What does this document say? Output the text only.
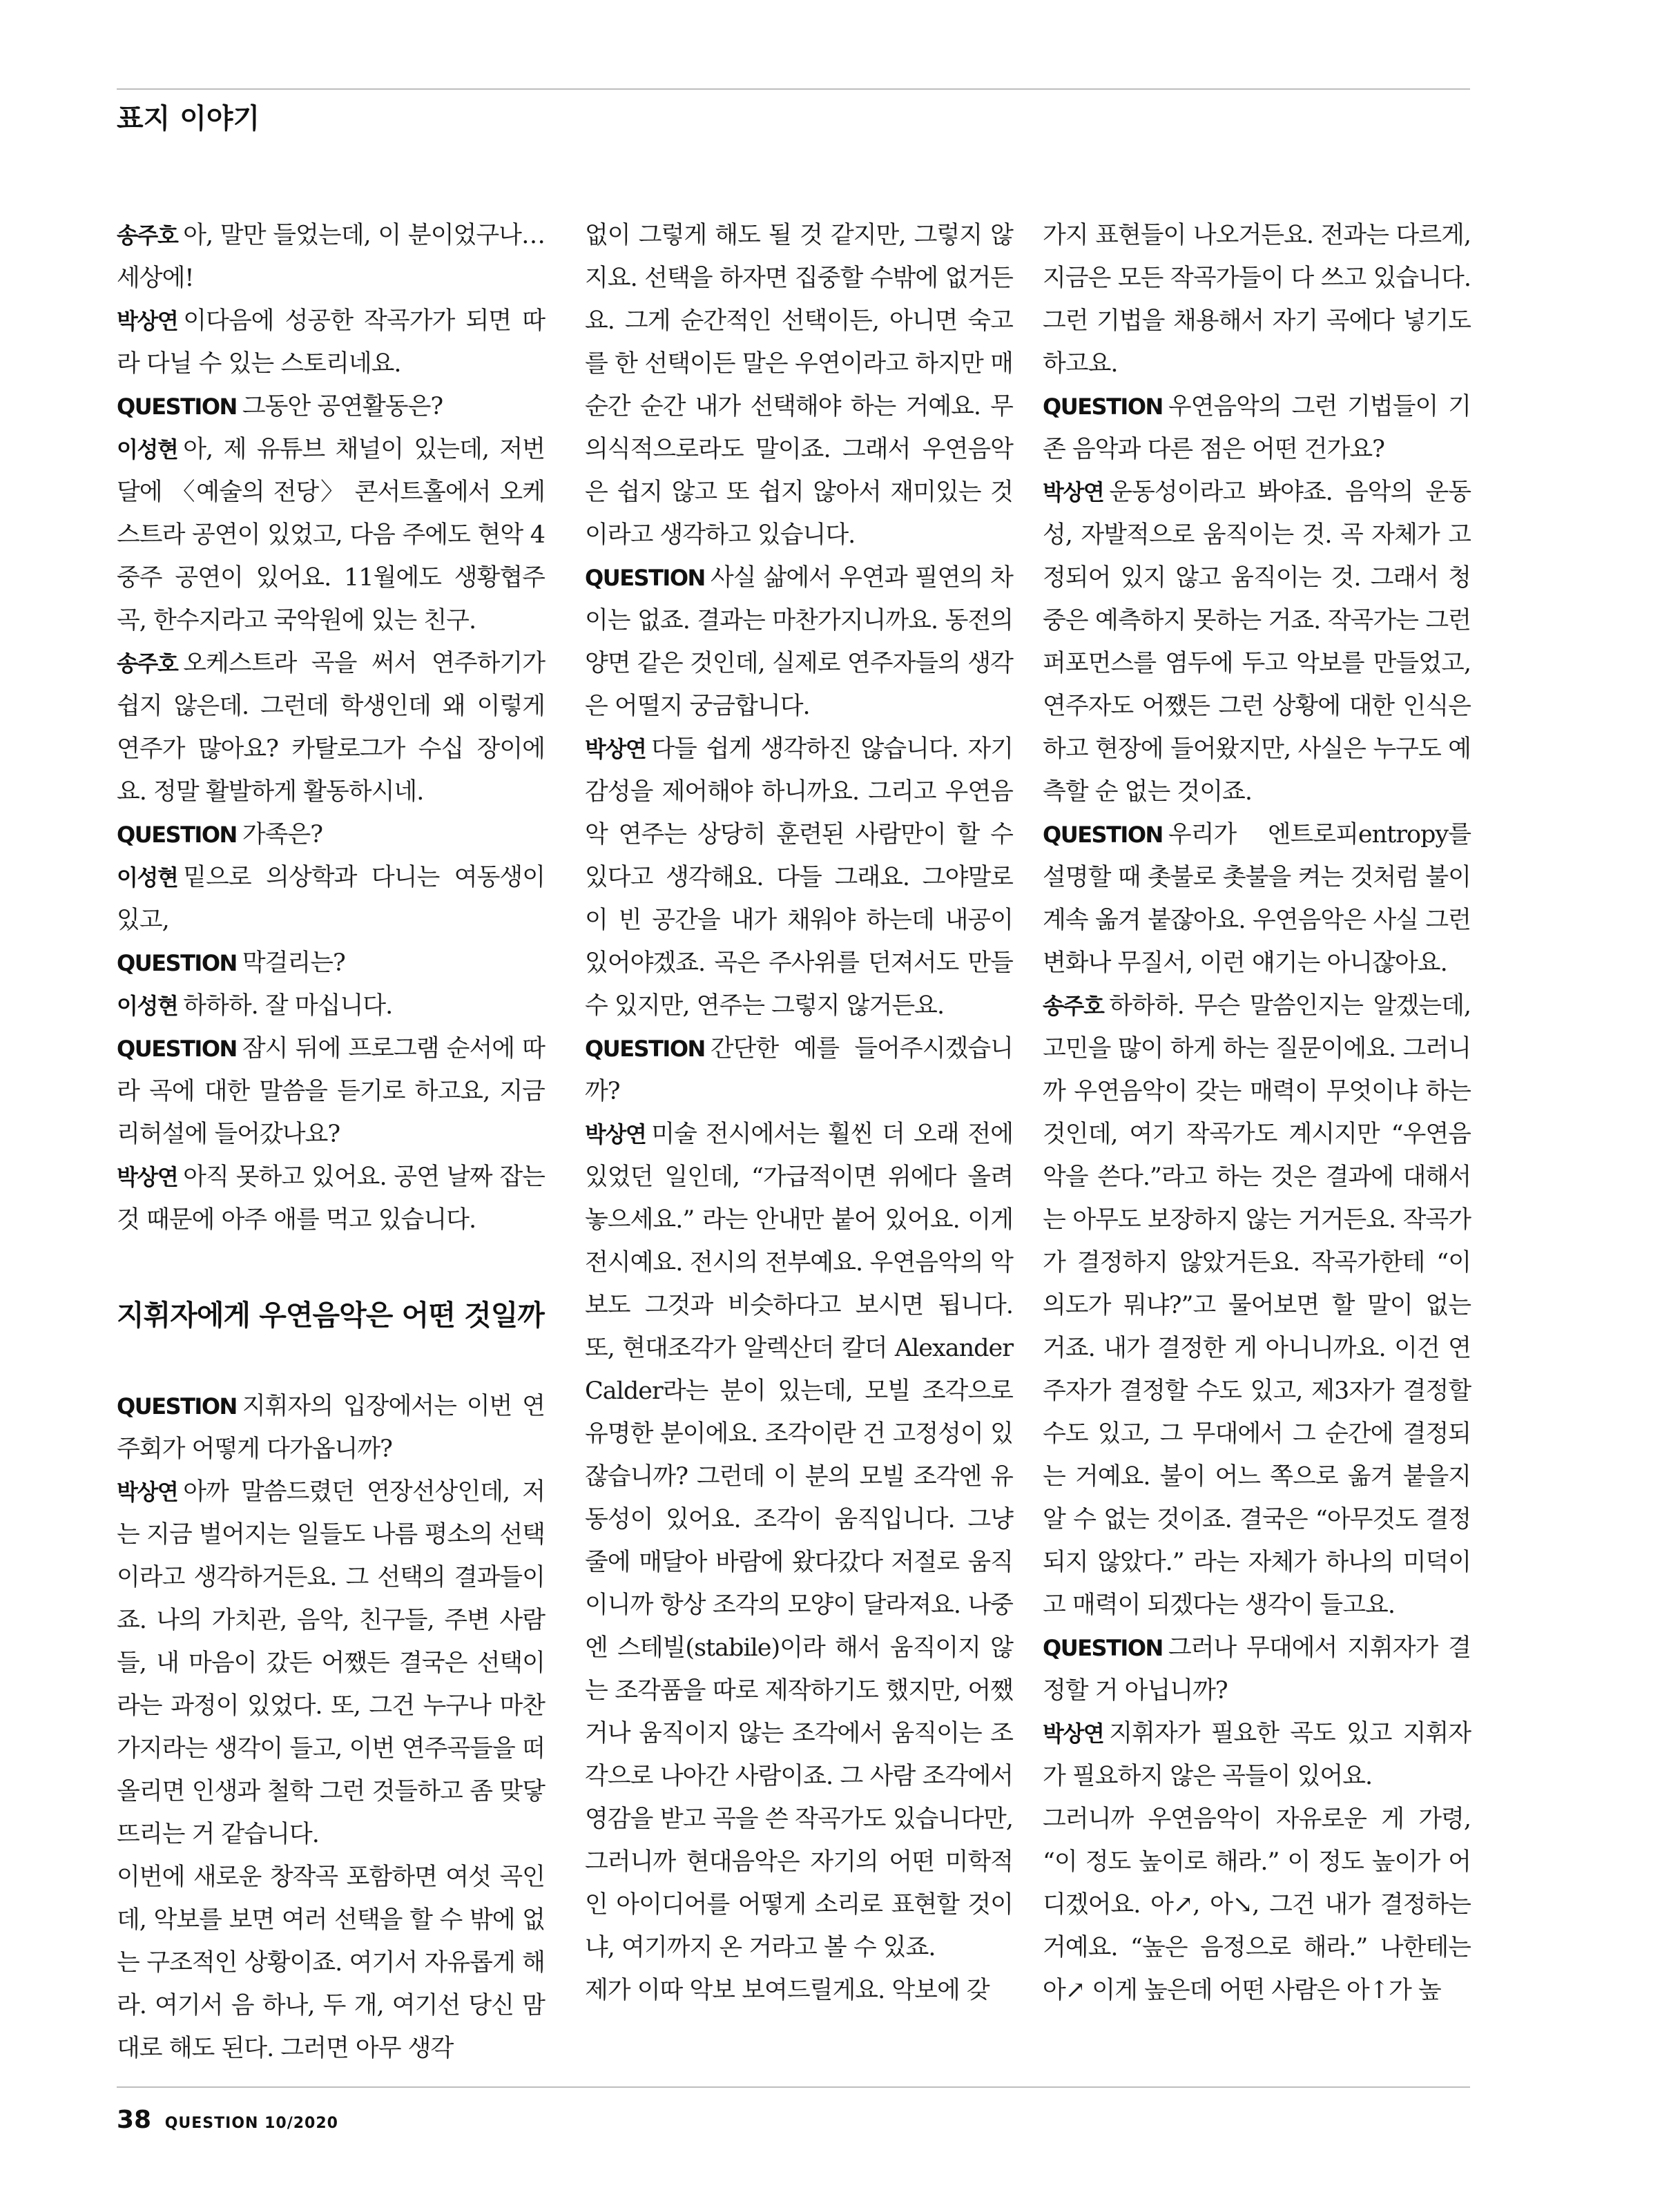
표지 이야기

송주호 아, 말만 들었는데, 이 분이었구나…세상에!

박상연 이다음에 성공한 작곡가가 되면 따라 다닐 수 있는 스토리네요.

QUESTION 그동안 공연활동은?

이성현 아, 제 유튜브 채널이 있는데, 저번 달에 〈예술의 전당〉 콘서트홀에서 오케스트라 공연이 있었고, 다음 주에도 현악 4중주 공연이 있어요. 11월에도 생황협주곡, 한수지라고 국악원에 있는 친구.

송주호 오케스트라 곡을 써서 연주하기가 쉽지 않은데. 그런데 학생인데 왜 이렇게 연주가 많아요? 카탈로그가 수십 장이에요. 정말 활발하게 활동하시네.

QUESTION 가족은?

이성현 밑으로 의상학과 다니는 여동생이 있고,

QUESTION 막걸리는?

이성현 하하하. 잘 마십니다.

QUESTION 잠시 뒤에 프로그램 순서에 따라 곡에 대한 말씀을 듣기로 하고요, 지금 리허설에 들어갔나요?

박상연 아직 못하고 있어요. 공연 날짜 잡는 것 때문에 아주 애를 먹고 있습니다.

지휘자에게 우연음악은 어떤 것일까

QUESTION 지휘자의 입장에서는 이번 연주회가 어떻게 다가옵니까?

박상연 아까 말씀드렸던 연장선상인데, 저는 지금 벌어지는 일들도 나름 평소의 선택이라고 생각하거든요. 그 선택의 결과들이죠. 나의 가치관, 음악, 친구들, 주변 사람들, 내 마음이 갔든 어쨌든 결국은 선택이라는 과정이 있었다. 또, 그건 누구나 마찬가지라는 생각이 들고, 이번 연주곡들을 떠올리면 인생과 철학 그런 것들하고 좀 맞닿뜨리는 거 같습니다.

이번에 새로운 창작곡 포함하면 여섯 곡인데, 악보를 보면 여러 선택을 할 수 밖에 없는 구조적인 상황이죠. 여기서 자유롭게 해라. 여기서 음 하나, 두 개, 여기선 당신 맘대로 해도 된다. 그러면 아무 생각

없이 그렇게 해도 될 것 같지만, 그렇지 않지요. 선택을 하자면 집중할 수밖에 없거든요. 그게 순간적인 선택이든, 아니면 숙고를 한 선택이든 말은 우연이라고 하지만 매순간 순간 내가 선택해야 하는 거예요. 무의식적으로라도 말이죠. 그래서 우연음악은 쉽지 않고 또 쉽지 않아서 재미있는 것이라고 생각하고 있습니다.

QUESTION 사실 삶에서 우연과 필연의 차이는 없죠. 결과는 마찬가지니까요. 동전의 양면 같은 것인데, 실제로 연주자들의 생각은 어떨지 궁금합니다.

박상연 다들 쉽게 생각하진 않습니다. 자기 감성을 제어해야 하니까요. 그리고 우연음악 연주는 상당히 훈련된 사람만이 할 수 있다고 생각해요. 다들 그래요. 그야말로 이 빈 공간을 내가 채워야 하는데 내공이 있어야겠죠. 곡은 주사위를 던져서도 만들 수 있지만, 연주는 그렇지 않거든요.

QUESTION 간단한 예를 들어주시겠습니까?

박상연 미술 전시에서는 훨씬 더 오래 전에 있었던 일인데, “가급적이면 위에다 올려놓으세요.” 라는 안내만 붙어 있어요. 이게 전시예요. 전시의 전부예요. 우연음악의 악보도 그것과 비슷하다고 보시면 됩니다. 또, 현대조각가 알렉산더 칼더 Alexander Calder라는 분이 있는데, 모빌 조각으로 유명한 분이에요. 조각이란 건 고정성이 있잖습니까? 그런데 이 분의 모빌 조각엔 유동성이 있어요. 조각이 움직입니다. 그냥 줄에 매달아 바람에 왔다갔다 저절로 움직이니까 항상 조각의 모양이 달라져요. 나중엔 스테빌(stabile)이라 해서 움직이지 않는 조각품을 따로 제작하기도 했지만, 어쨌거나 움직이지 않는 조각에서 움직이는 조각으로 나아간 사람이죠. 그 사람 조각에서 영감을 받고 곡을 쓴 작곡가도 있습니다만, 그러니까 현대음악은 자기의 어떤 미학적인 아이디어를 어떻게 소리로 표현할 것이냐, 여기까지 온 거라고 볼 수 있죠.

제가 이따 악보 보여드릴게요. 악보에 갖

가지 표현들이 나오거든요. 전과는 다르게, 지금은 모든 작곡가들이 다 쓰고 있습니다. 그런 기법을 채용해서 자기 곡에다 넣기도 하고요.

QUESTION 우연음악의 그런 기법들이 기존 음악과 다른 점은 어떤 건가요?

박상연 운동성이라고 봐야죠. 음악의 운동성, 자발적으로 움직이는 것. 곡 자체가 고정되어 있지 않고 움직이는 것. 그래서 청중은 예측하지 못하는 거죠. 작곡가는 그런 퍼포먼스를 염두에 두고 악보를 만들었고, 연주자도 어쨌든 그런 상황에 대한 인식은 하고 현장에 들어왔지만, 사실은 누구도 예측할 순 없는 것이죠.

QUESTION 우리가 엔트로피entropy를 설명할 때 촛불로 촛불을 켜는 것처럼 불이 계속 옮겨 붙잖아요. 우연음악은 사실 그런 변화나 무질서, 이런 얘기는 아니잖아요.

송주호 하하하. 무슨 말씀인지는 알겠는데, 고민을 많이 하게 하는 질문이에요. 그러니까 우연음악이 갖는 매력이 무엇이냐 하는 것인데, 여기 작곡가도 계시지만 “우연음악을 쓴다.”라고 하는 것은 결과에 대해서는 아무도 보장하지 않는 거거든요. 작곡가가 결정하지 않았거든요. 작곡가한테 “이 의도가 뭐냐?”고 물어보면 할 말이 없는 거죠. 내가 결정한 게 아니니까요. 이건 연주자가 결정할 수도 있고, 제3자가 결정할 수도 있고, 그 무대에서 그 순간에 결정되는 거예요. 불이 어느 쪽으로 옮겨 붙을지 알 수 없는 것이죠. 결국은 “아무것도 결정되지 않았다.” 라는 자체가 하나의 미덕이고 매력이 되겠다는 생각이 들고요.

QUESTION 그러나 무대에서 지휘자가 결정할 거 아닙니까?

박상연 지휘자가 필요한 곡도 있고 지휘자가 필요하지 않은 곡들이 있어요.

그러니까 우연음악이 자유로운 게 가령, “이 정도 높이로 해라.” 이 정도 높이가 어디겠어요. 아↗, 아↘, 그건 내가 결정하는 거예요. “높은 음정으로 해라.” 나한테는 아↗ 이게 높은데 어떤 사람은 아↑가 높

38 QUESTION 10/2020
